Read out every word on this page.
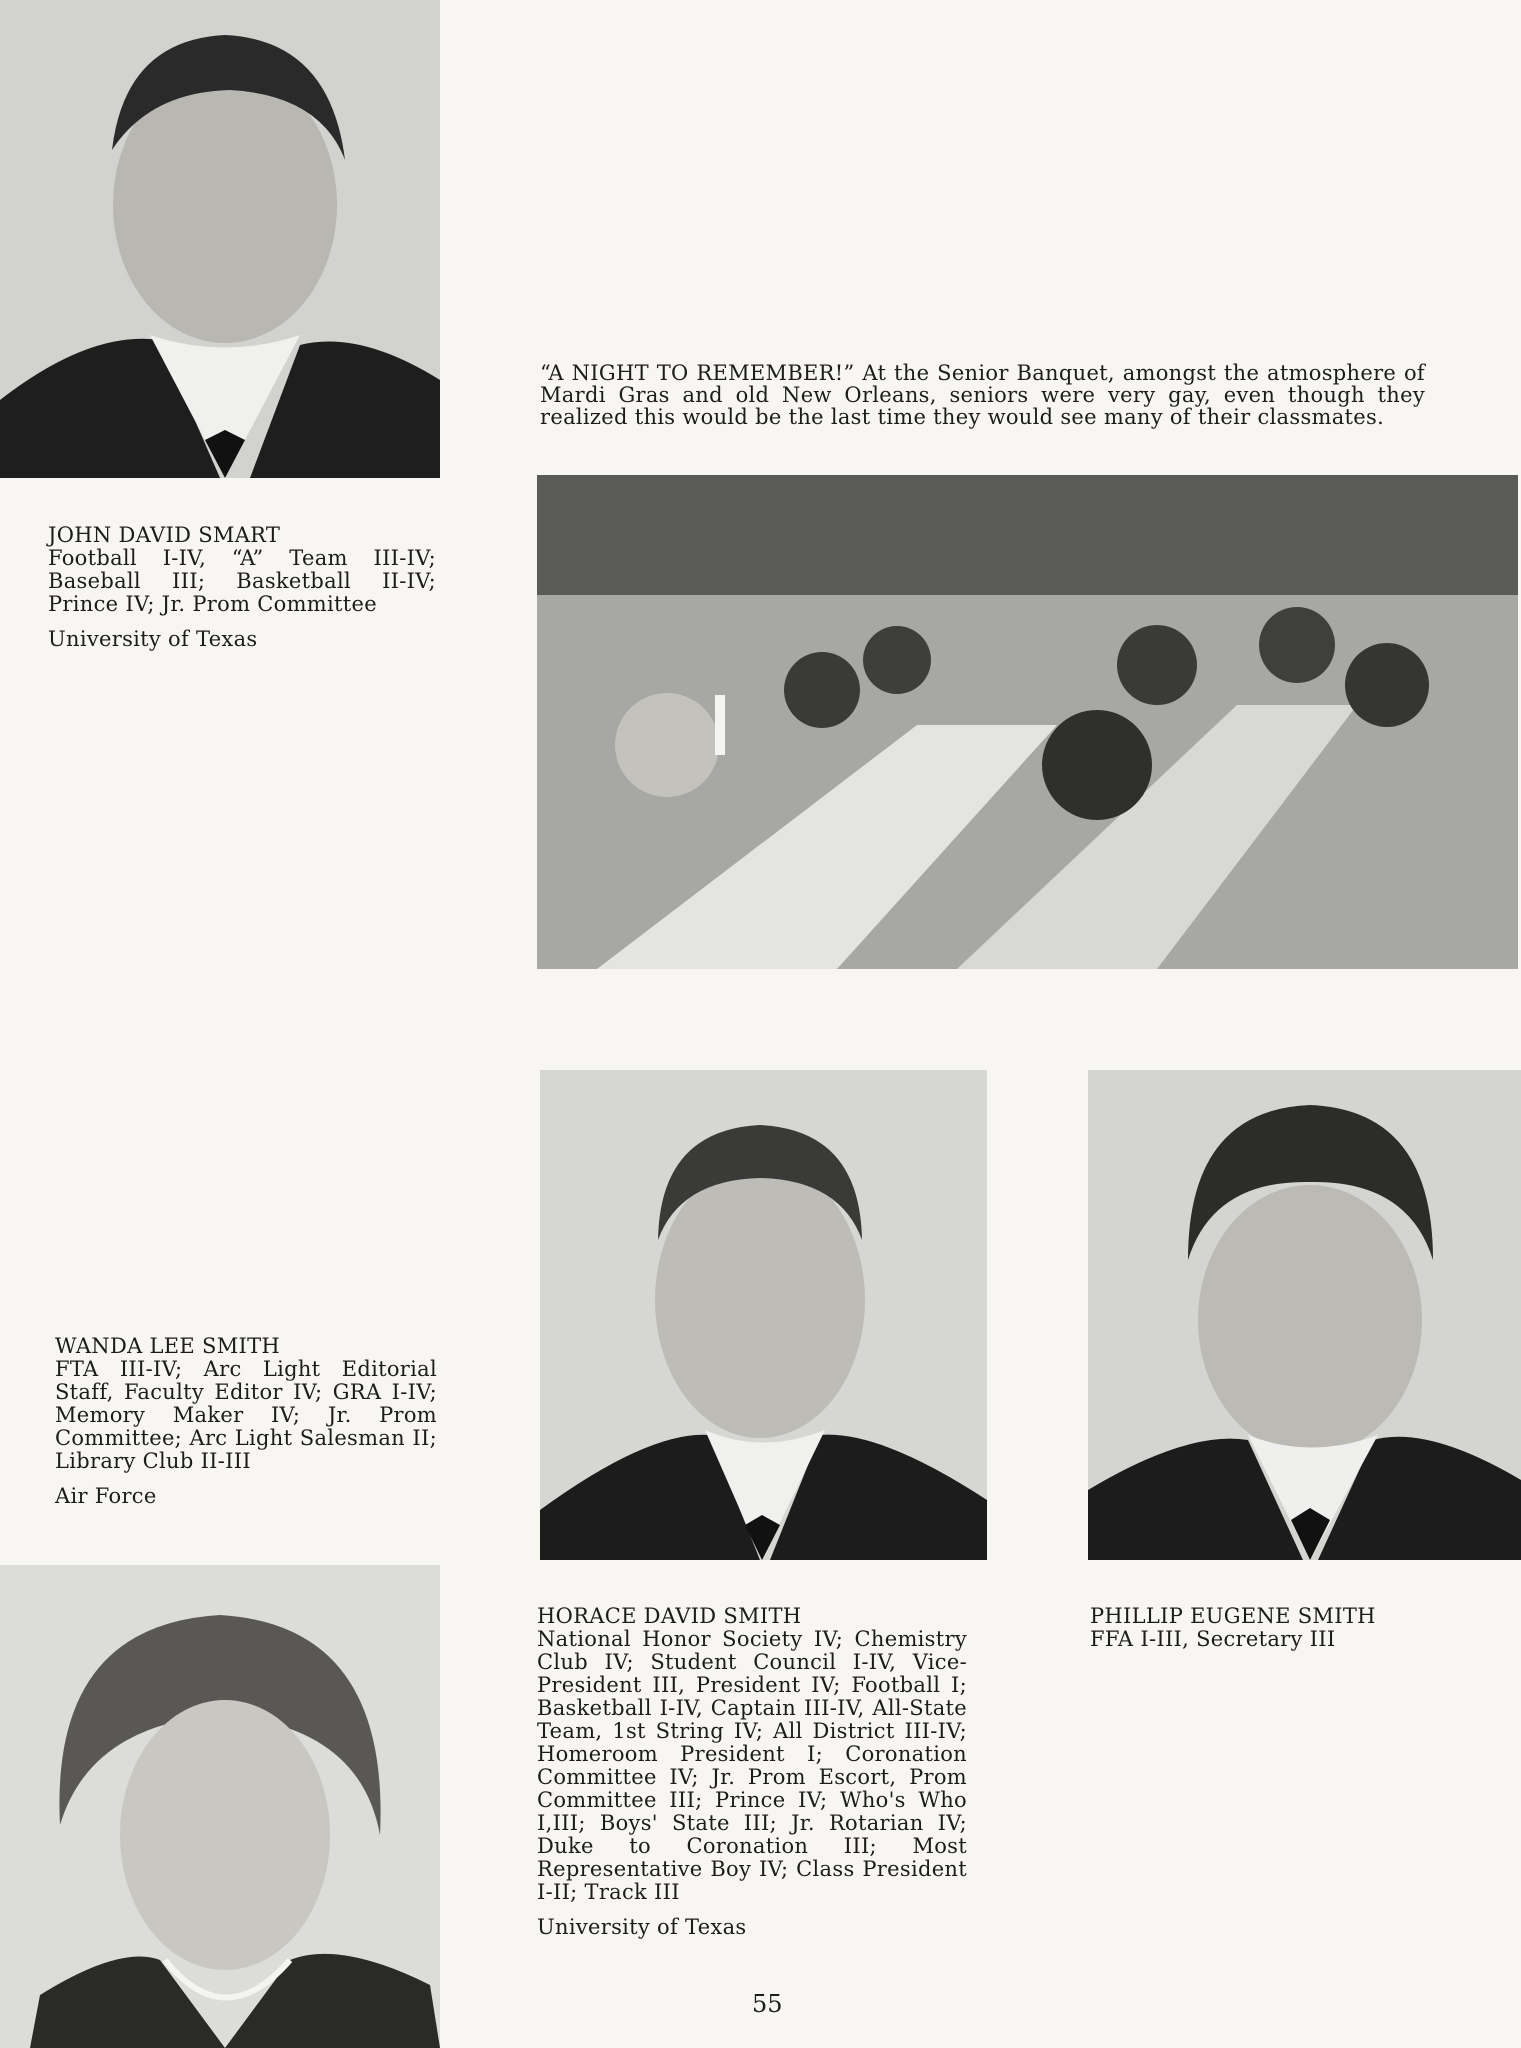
“A NIGHT TO REMEMBER!” At the Senior Banquet, amongst the atmosphere of Mardi Gras and old New Orleans, seniors were very gay, even though they realized this would be the last time they would see many of their classmates.
JOHN DAVID SMART
Football I-IV, “A” Team III-IV; Baseball III; Basketball II-IV; Prince IV; Jr. Prom Committee
University of Texas
WANDA LEE SMITH
FTA III-IV; Arc Light Editorial Staff, Faculty Editor IV; GRA I-IV; Memory Maker IV; Jr. Prom Committee; Arc Light Salesman II; Library Club II-III
Air Force
HORACE DAVID SMITH
National Honor Society IV; Chemistry Club IV; Student Council I-IV, Vice-President III, President IV; Football I; Basketball I-IV, Captain III-IV, All-State Team, 1st String IV; All District III-IV; Homeroom President I; Coronation Committee IV; Jr. Prom Escort, Prom Committee III; Prince IV; Who's Who I,III; Boys' State III; Jr. Rotarian IV; Duke to Coronation III; Most Representative Boy IV; Class President I-II; Track III
University of Texas
PHILLIP EUGENE SMITH
FFA I-III, Secretary III
55
